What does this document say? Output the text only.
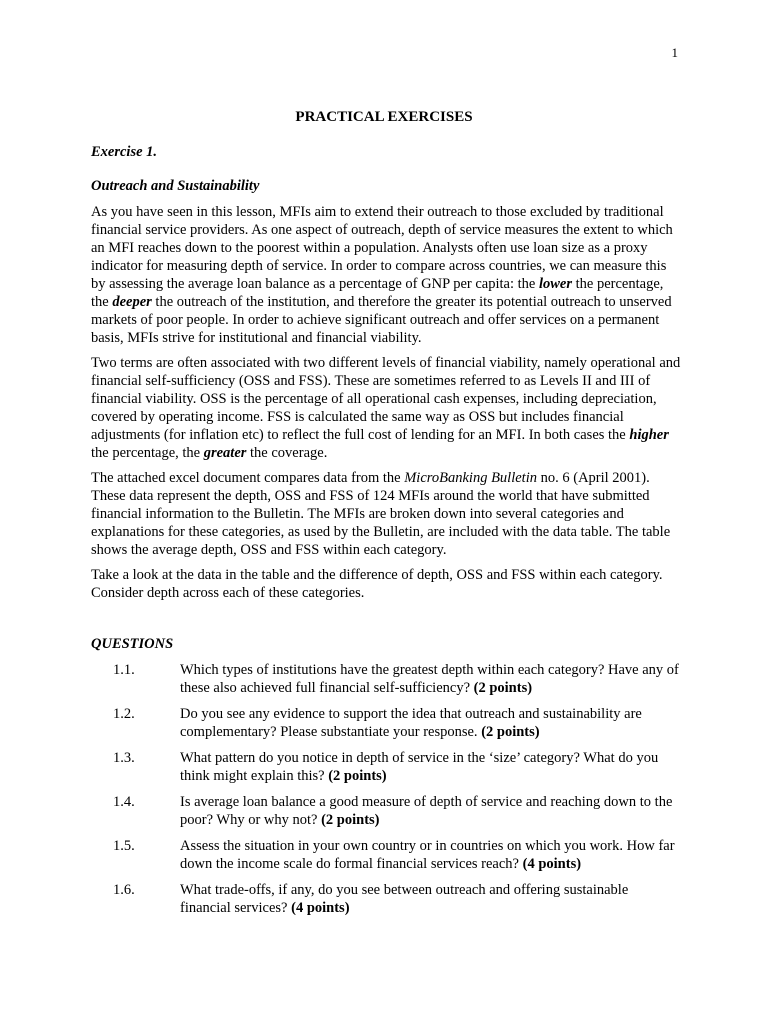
1
PRACTICAL EXERCISES
Exercise 1.
Outreach and Sustainability

As you have seen in this lesson, MFIs aim to extend their outreach to those excluded by traditional financial service providers. As one aspect of outreach, depth of service measures the extent to which an MFI reaches down to the poorest within a population. Analysts often use loan size as a proxy indicator for measuring depth of service. In order to compare across countries, we can measure this by assessing the average loan balance as a percentage of GNP per capita: the lower the percentage, the deeper the outreach of the institution, and therefore the greater its potential outreach to unserved markets of poor people. In order to achieve significant outreach and offer services on a permanent basis, MFIs strive for institutional and financial viability.

Two terms are often associated with two different levels of financial viability, namely operational and financial self-sufficiency (OSS and FSS). These are sometimes referred to as Levels II and III of financial viability. OSS is the percentage of all operational cash expenses, including depreciation, covered by operating income. FSS is calculated the same way as OSS but includes financial adjustments (for inflation etc) to reflect the full cost of lending for an MFI. In both cases the higher the percentage, the greater the coverage.

The attached excel document compares data from the MicroBanking Bulletin no. 6 (April 2001). These data represent the depth, OSS and FSS of 124 MFIs around the world that have submitted financial information to the Bulletin. The MFIs are broken down into several categories and explanations for these categories, as used by the Bulletin, are included with the data table. The table shows the average depth, OSS and FSS within each category.

Take a look at the data in the table and the difference of depth, OSS and FSS within each category. Consider depth across each of these categories.

QUESTIONS
1.1.	Which types of institutions have the greatest depth within each category? Have any of these also achieved full financial self-sufficiency? (2 points)
1.2.	Do you see any evidence to support the idea that outreach and sustainability are complementary? Please substantiate your response. (2 points)
1.3.	What pattern do you notice in depth of service in the ‘size’ category? What do you think might explain this? (2 points)
1.4.	Is average loan balance a good measure of depth of service and reaching down to the poor? Why or why not? (2 points)
1.5.	Assess the situation in your own country or in countries on which you work. How far down the income scale do formal financial services reach? (4 points)
1.6.	What trade-offs, if any, do you see between outreach and offering sustainable financial services? (4 points)
